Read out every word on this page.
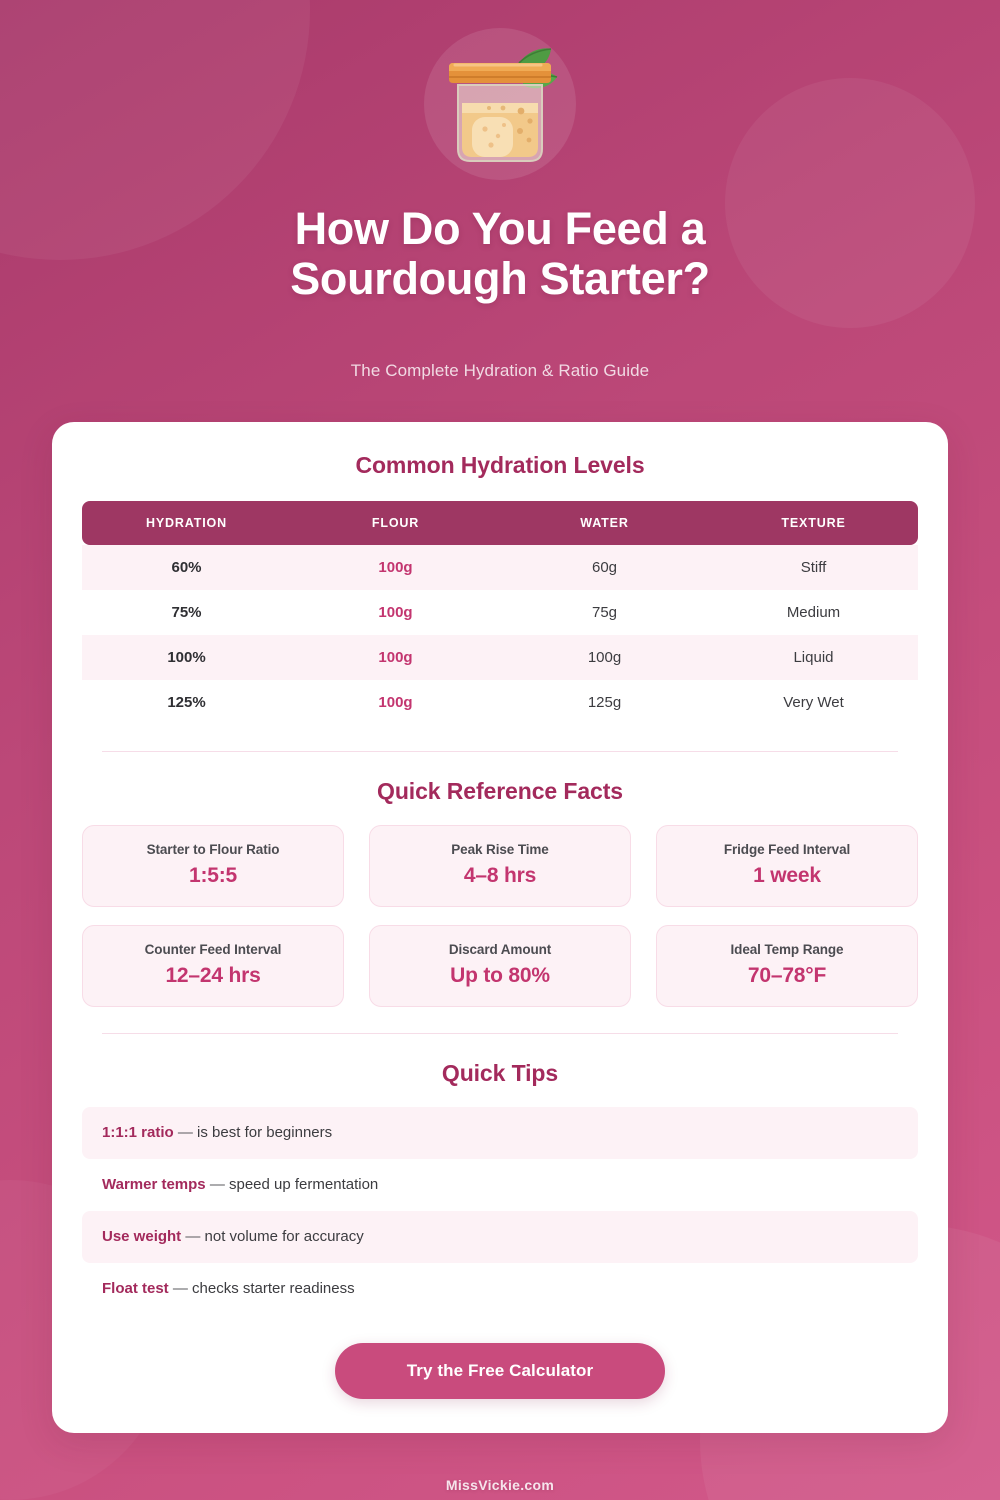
How Do You Feed a
Sourdough Starter?
The Complete Hydration & Ratio Guide
Common Hydration Levels
HYDRATION	FLOUR	WATER	TEXTURE
60%	100g	60g	Stiff
75%	100g	75g	Medium
100%	100g	100g	Liquid
125%	100g	125g	Very Wet
Quick Reference Facts
Starter to Flour Ratio
1:5:5
Peak Rise Time
4–8 hrs
Fridge Feed Interval
1 week
Counter Feed Interval
12–24 hrs
Discard Amount
Up to 80%
Ideal Temp Range
70–78°F
Quick Tips
1:1:1 ratio — is best for beginners
Warmer temps — speed up fermentation
Use weight — not volume for accuracy
Float test — checks starter readiness
Try the Free Calculator
MissVickie.com
